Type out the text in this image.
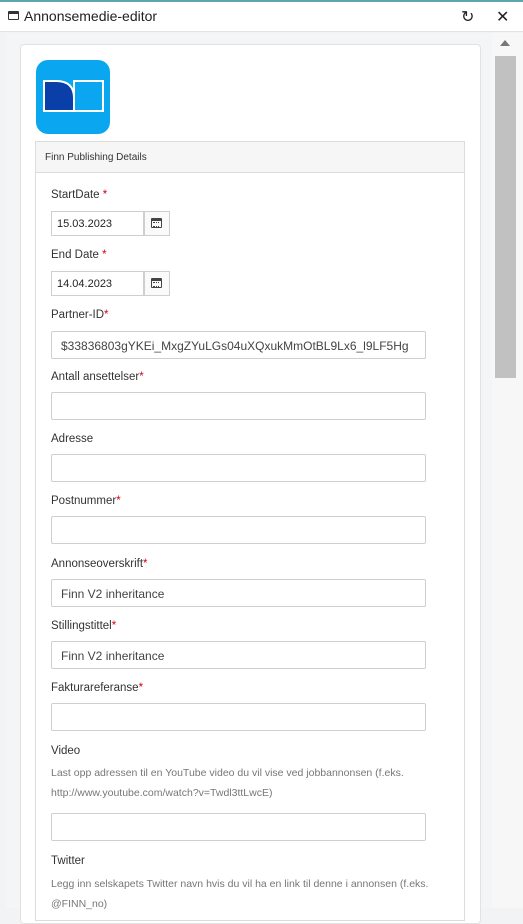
Annonsemedie-editor	↻ ✕
Finn Publishing Details
StartDate *
15.03.2023
End Date *
14.04.2023
Partner-ID*
$33836803gYKEi_MxgZYuLGs04uXQxukMmOtBL9Lx6_l9LF5Hg
Antall ansettelser*
Adresse
Postnummer*
Annonseoverskrift*
Finn V2 inheritance
Stillingstittel*
Finn V2 inheritance
Fakturareferanse*
Video
Last opp adressen til en YouTube video du vil vise ved jobbannonsen (f.eks. http://www.youtube.com/watch?v=Twdl3ttLwcE)
Twitter
Legg inn selskapets Twitter navn hvis du vil ha en link til denne i annonsen (f.eks. @FINN_no)
